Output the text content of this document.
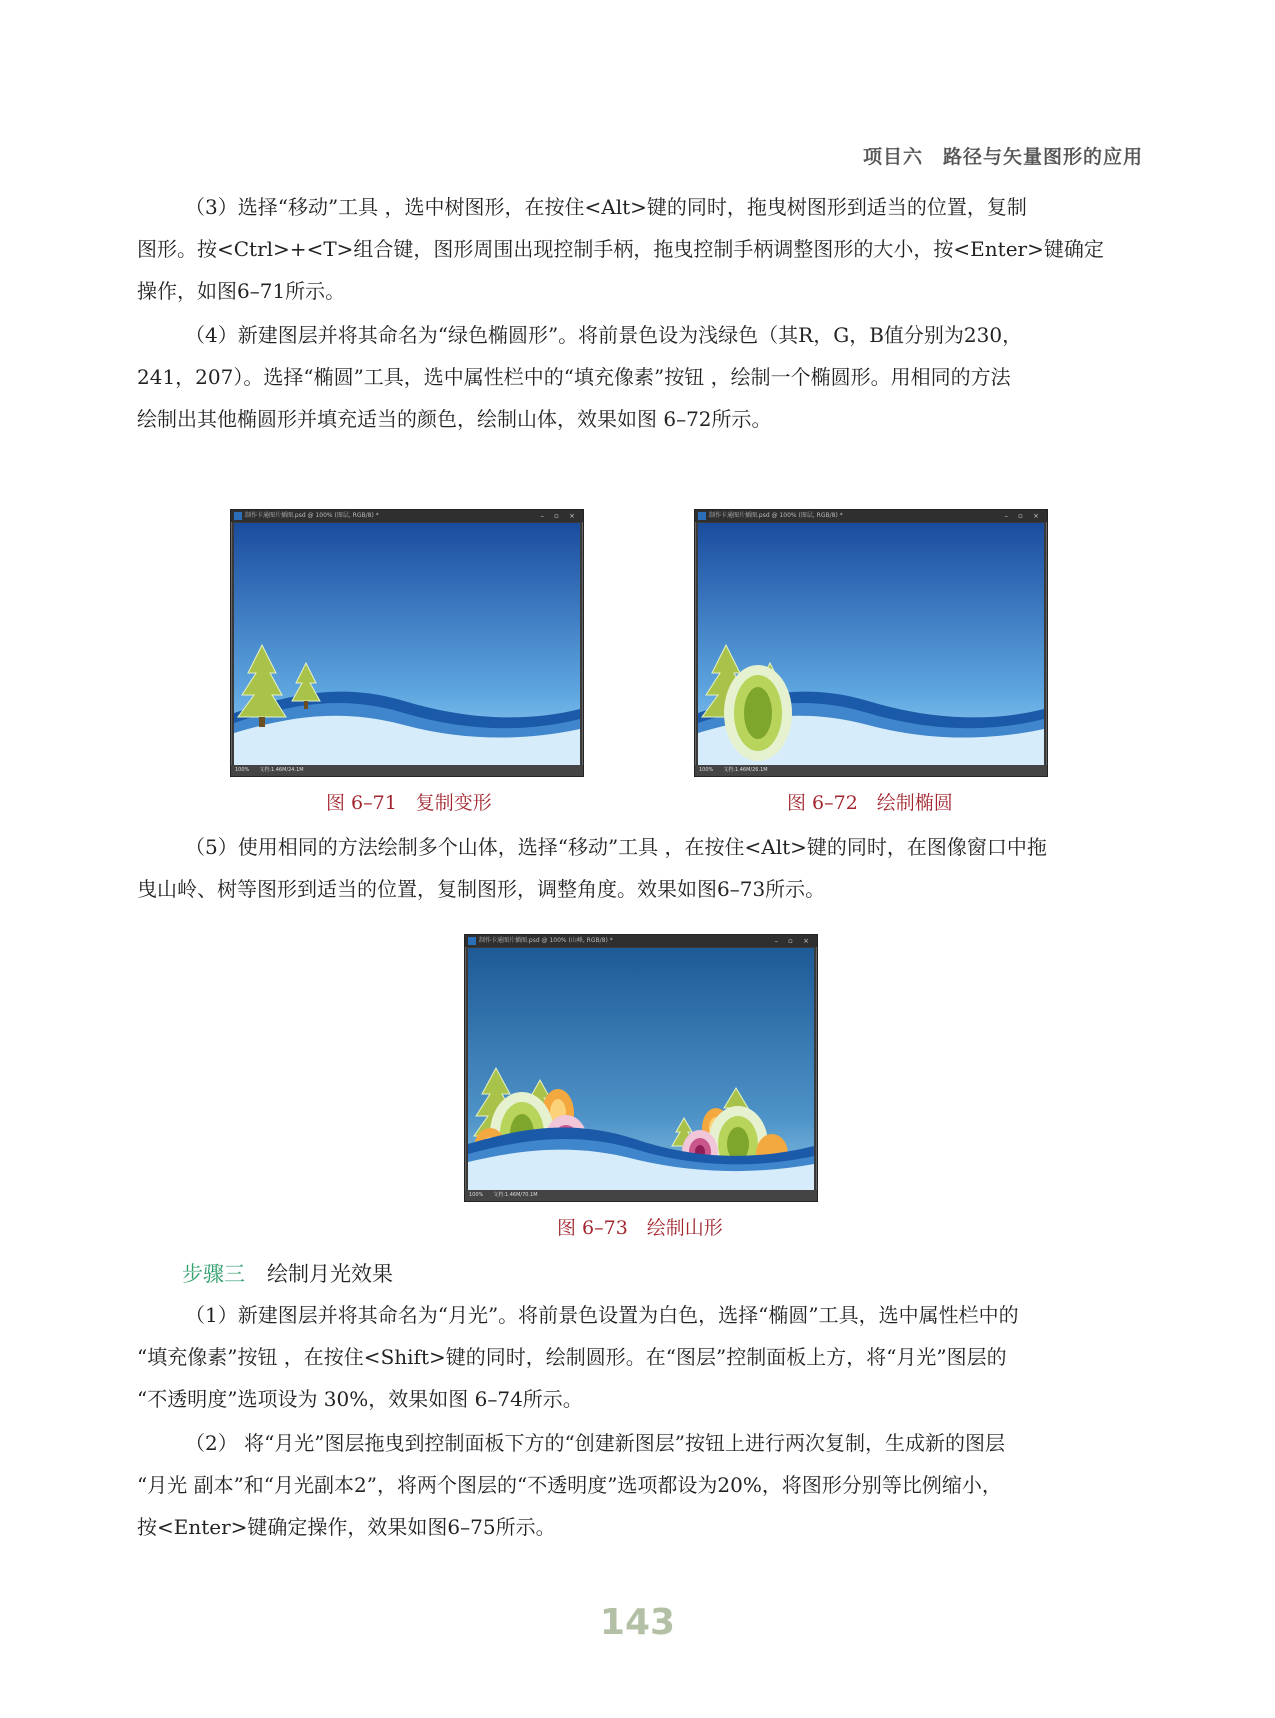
项目六　路径与矢量图形的应用
（3）选择“移动”工具 ，选中树图形，在按住<Alt>键的同时，拖曳树图形到适当的位置，复制
图形。按<Ctrl>+<T>组合键，图形周围出现控制手柄，拖曳控制手柄调整图形的大小，按<Enter>键确定
操作，如图6–71所示。
（4）新建图层并将其命名为“绿色椭圆形”。将前景色设为浅绿色（其R，G，B值分别为230，
241，207）。选择“椭圆”工具，选中属性栏中的“填充像素”按钮 ，绘制一个椭圆形。用相同的方法
绘制出其他椭圆形并填充适当的颜色，绘制山体，效果如图 6–72所示。
制作卡通图片插图.psd @ 100% (图层, RGB/8) *	– ▫ ×
100%　　文档:1.46M/24.1M
图 6–71　复制变形
制作卡通图片插图.psd @ 100% (图层, RGB/8) *	– ▫ ×
100%　　文档:1.46M/26.1M
图 6–72　绘制椭圆
（5）使用相同的方法绘制多个山体，选择“移动”工具 ，在按住<Alt>键的同时，在图像窗口中拖
曳山岭、树等图形到适当的位置，复制图形，调整角度。效果如图6–73所示。
制作卡通图片插图.psd @ 100% (山峰, RGB/8) *	– ▫ ×
100%　　文档:1.46M/70.1M
图 6–73　绘制山形
步骤三 绘制月光效果
（1）新建图层并将其命名为“月光”。将前景色设置为白色，选择“椭圆”工具，选中属性栏中的
“填充像素”按钮 ，在按住<Shift>键的同时，绘制圆形。在“图层”控制面板上方，将“月光”图层的
“不透明度”选项设为 30%，效果如图 6–74所示。
（2） 将“月光”图层拖曳到控制面板下方的“创建新图层”按钮上进行两次复制，生成新的图层
“月光 副本”和“月光副本2”，将两个图层的“不透明度”选项都设为20%，将图形分别等比例缩小，
按<Enter>键确定操作，效果如图6–75所示。
143
